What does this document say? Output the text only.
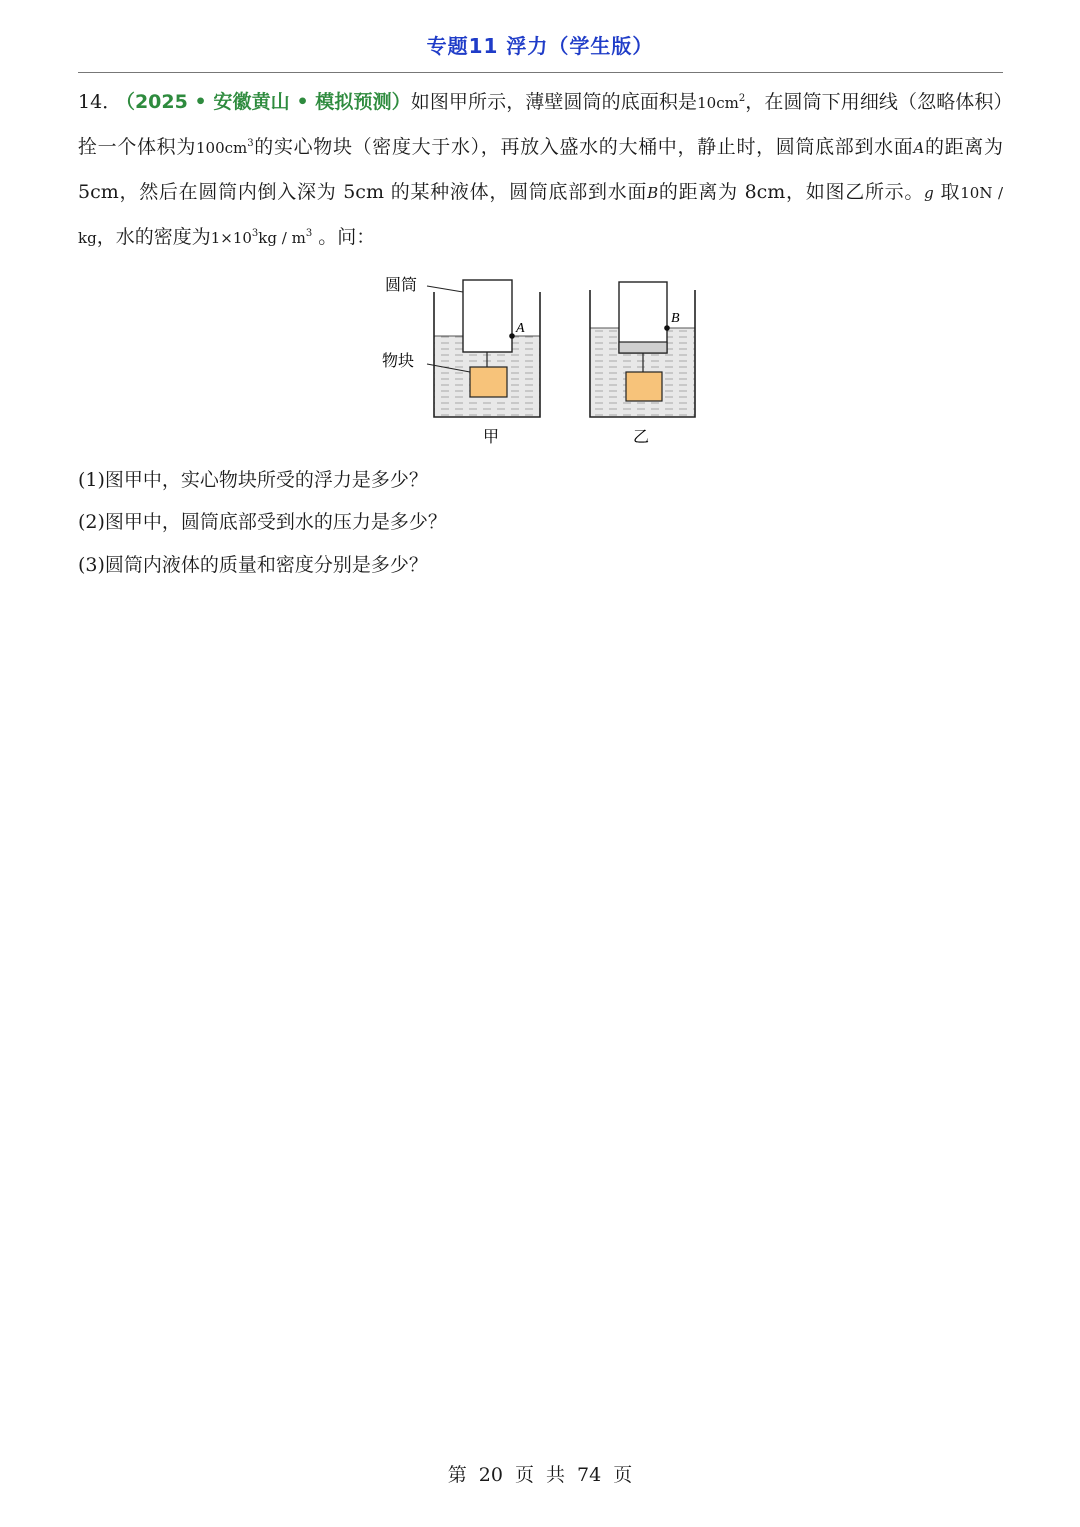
专题11 浮力（学生版）
14． （2025 • 安徽黄山 • 模拟预测）如图甲所示，薄壁圆筒的底面积是$10cm^2$，在圆筒下用细线（忽略体积）拴一个体积为$100cm^3$的实心物块（密度大于水），再放入盛水的大桶中，静止时，圆筒底部到水面A的距离为 5cm，然后在圆筒内倒入深为 5cm 的某种液体，圆筒底部到水面B的距离为 8cm，如图乙所示。g 取10N / kg，水的密度为$1\times 10^3kg / m^3$ 。问：
A
圆筒
物块
甲
B
乙
(1)图甲中，实心物块所受的浮力是多少？
(2)图甲中，圆筒底部受到水的压力是多少？
(3)圆筒内液体的质量和密度分别是多少？
第 20 页 共 74 页
